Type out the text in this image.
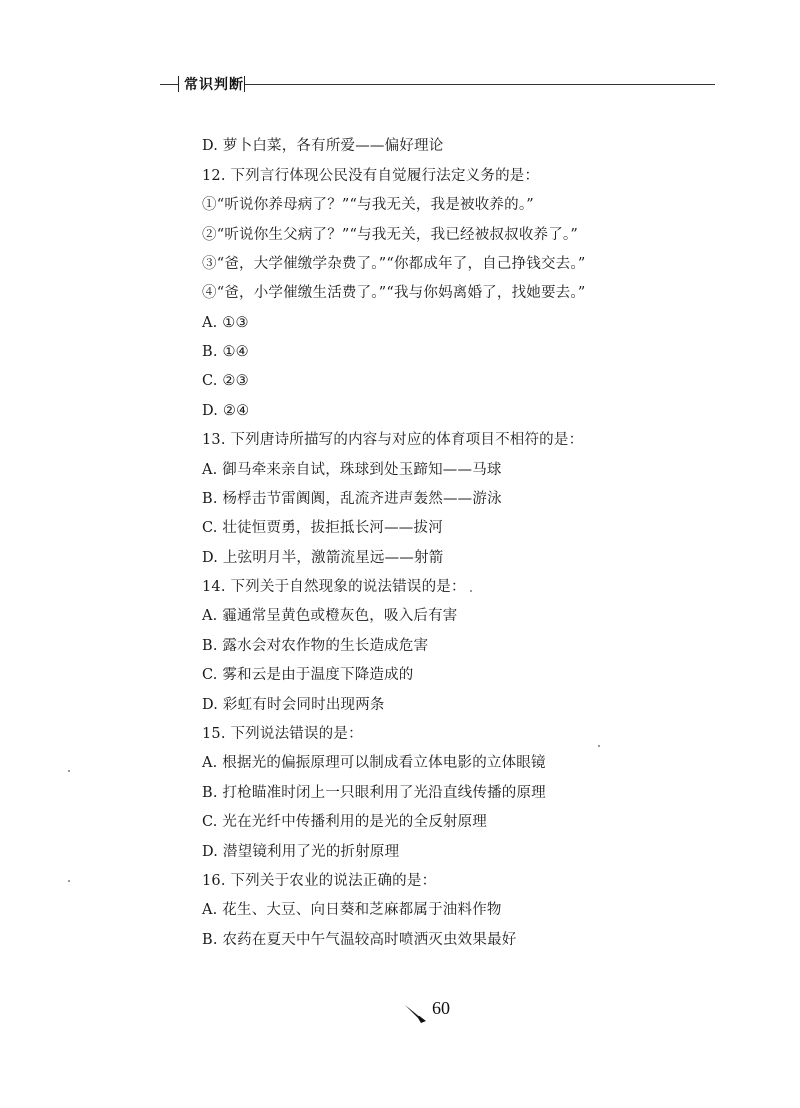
常识判断
D. 萝卜白菜，各有所爱——偏好理论
12. 下列言行体现公民没有自觉履行法定义务的是：
①“听说你养母病了？”“与我无关，我是被收养的。”
②“听说你生父病了？”“与我无关，我已经被叔叔收养了。”
③“爸，大学催缴学杂费了。”“你都成年了，自己挣钱交去。”
④“爸，小学催缴生活费了。”“我与你妈离婚了，找她要去。”
A. ①③
B. ①④
C. ②③
D. ②④
13. 下列唐诗所描写的内容与对应的体育项目不相符的是：
A. 御马牵来亲自试，珠球到处玉蹄知——马球
B. 杨桴击节雷阗阗，乱流齐进声轰然——游泳
C. 壮徒恒贾勇，拔拒抵长河——拔河
D. 上弦明月半，激箭流星远——射箭
14. 下列关于自然现象的说法错误的是：
A. 霾通常呈黄色或橙灰色，吸入后有害
B. 露水会对农作物的生长造成危害
C. 雾和云是由于温度下降造成的
D. 彩虹有时会同时出现两条
15. 下列说法错误的是：
A. 根据光的偏振原理可以制成看立体电影的立体眼镜
B. 打枪瞄准时闭上一只眼利用了光沿直线传播的原理
C. 光在光纤中传播利用的是光的全反射原理
D. 潜望镜利用了光的折射原理
16. 下列关于农业的说法正确的是：
A. 花生、大豆、向日葵和芝麻都属于油料作物
B. 农药在夏天中午气温较高时喷洒灭虫效果最好
60
